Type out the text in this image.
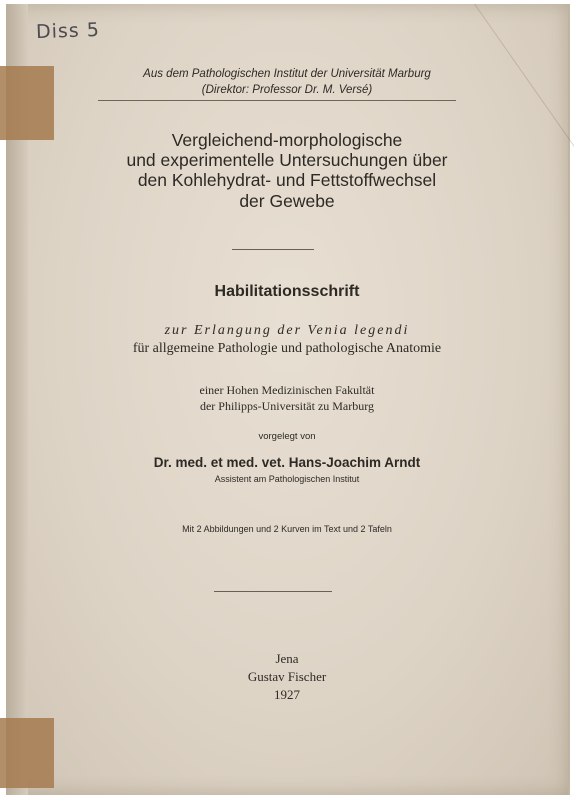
Diss 5
Aus dem Pathologischen Institut der Universität Marburg
(Direktor: Professor Dr. M. Versé)
Vergleichend-morphologische
und experimentelle Untersuchungen über
den Kohlehydrat- und Fettstoffwechsel
der Gewebe
Habilitationsschrift
zur Erlangung der Venia legendi
für allgemeine Pathologie und pathologische Anatomie
einer Hohen Medizinischen Fakultät
der Philipps-Universität zu Marburg
vorgelegt von
Dr. med. et med. vet. Hans-Joachim Arndt
Assistent am Pathologischen Institut
Mit 2 Abbildungen und 2 Kurven im Text und 2 Tafeln
Jena
Gustav Fischer
1927
